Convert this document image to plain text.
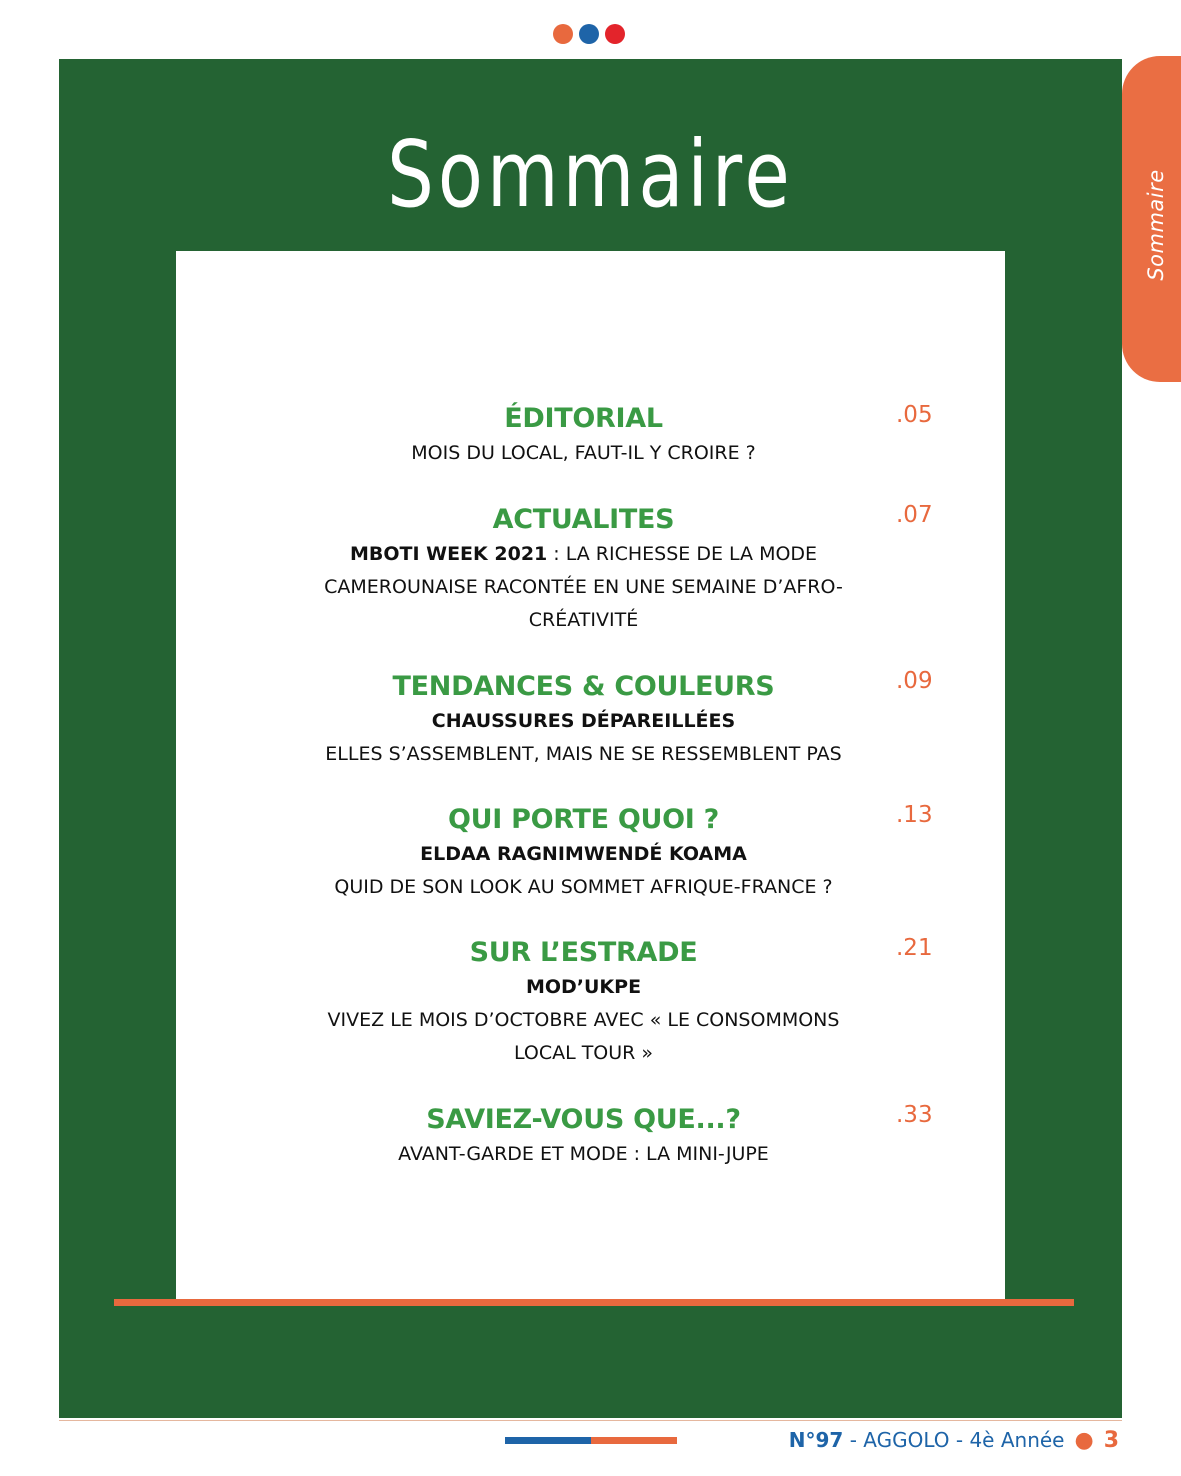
Sommaire	Sommaire
ÉDITORIAL
MOIS DU LOCAL, FAUT-IL Y CROIRE ?
.05
ACTUALITES
MBOTI WEEK 2021 : LA RICHESSE DE LA MODE
CAMEROUNAISE RACONTÉE EN UNE SEMAINE D’AFRO-
CRÉATIVITÉ
.07
TENDANCES & COULEURS
CHAUSSURES DÉPAREILLÉES
ELLES S’ASSEMBLENT, MAIS NE SE RESSEMBLENT PAS
.09
QUI PORTE QUOI ?
ELDAA RAGNIMWENDÉ KOAMA
QUID DE SON LOOK AU SOMMET AFRIQUE-FRANCE ?
.13
SUR L’ESTRADE
MOD’UKPE
VIVEZ LE MOIS D’OCTOBRE AVEC « LE CONSOMMONS
LOCAL TOUR »
.21
SAVIEZ-VOUS QUE...?
AVANT-GARDE ET MODE : LA MINI-JUPE
.33
N°97 - AGGOLO - 4è Année ● 3
